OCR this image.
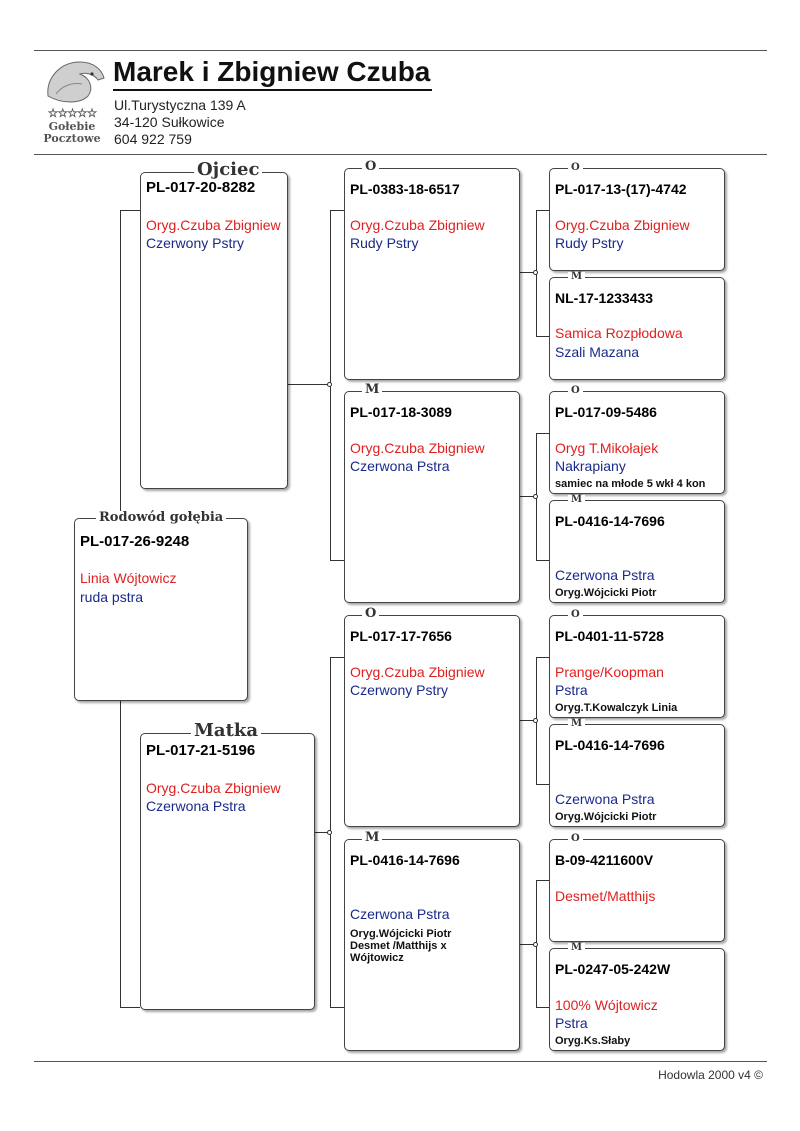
☆☆☆☆☆
Gołebie
Pocztowe
Marek i Zbigniew Czuba
Ul.Turystyczna 139 A
34-120 Sułkowice
604 922 759
PL-017-26-9248
Linia Wójtowicz
ruda pstra
Rodowód gołębia
PL-017-20-8282
Oryg.Czuba Zbigniew
Czerwony Pstry
Ojciec
PL-017-21-5196
Oryg.Czuba Zbigniew
Czerwona Pstra
Matka
PL-0383-18-6517
Oryg.Czuba Zbigniew
Rudy Pstry
O
PL-017-18-3089
Oryg.Czuba Zbigniew
Czerwona Pstra
M
PL-017-17-7656
Oryg.Czuba Zbigniew
Czerwony Pstry
O
PL-0416-14-7696
Czerwona Pstra
Oryg.Wójcicki Piotr
Desmet /Matthijs x
Wójtowicz
M
PL-017-13-(17)-4742
Oryg.Czuba Zbigniew
Rudy Pstry
O
NL-17-1233433
Samica Rozpłodowa
Szali Mazana
M
PL-017-09-5486
Oryg T.Mikołajek
Nakrapiany
samiec na młode 5 wkł 4 kon
O
PL-0416-14-7696
Czerwona Pstra
Oryg.Wójcicki Piotr
M
PL-0401-11-5728
Prange/Koopman
Pstra
Oryg.T.Kowalczyk Linia
O
PL-0416-14-7696
Czerwona Pstra
Oryg.Wójcicki Piotr
M
B-09-4211600V
Desmet/Matthijs
O
PL-0247-05-242W
100% Wójtowicz
Pstra
Oryg.Ks.Słaby
M
Hodowla 2000 v4 ©
